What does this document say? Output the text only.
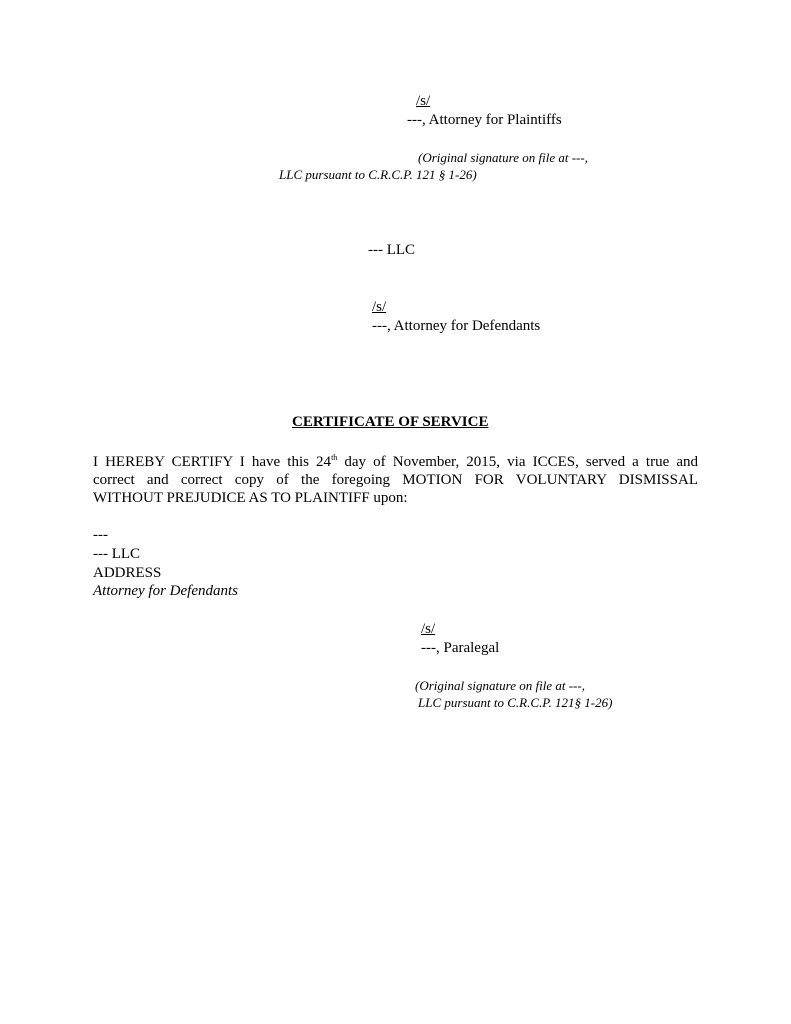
/s/
---, Attorney for Plaintiffs
(Original signature on file at ---,
LLC pursuant to C.R.C.P. 121 § 1-26)
--- LLC
/s/
---, Attorney for Defendants
CERTIFICATE OF SERVICE
I HEREBY CERTIFY I have this 24th day of November, 2015, via ICCES, served a true and
correct and correct copy of the foregoing MOTION FOR VOLUNTARY DISMISSAL
WITHOUT PREJUDICE AS TO PLAINTIFF upon:
---
--- LLC
ADDRESS
Attorney for Defendants
/s/
---, Paralegal
(Original signature on file at ---,
LLC pursuant to C.R.C.P. 121§ 1-26)
